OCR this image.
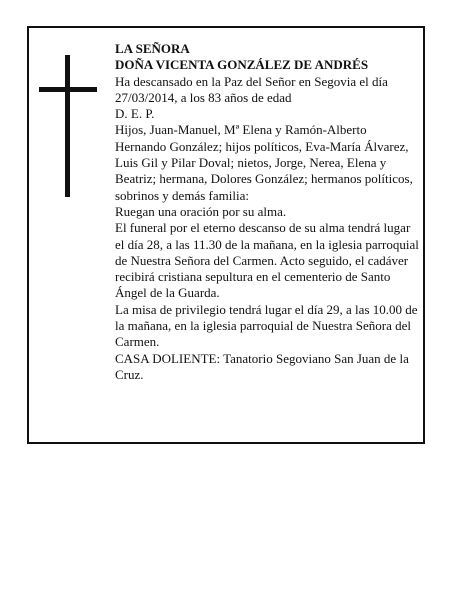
LA SEÑORA

DOÑA VICENTA GONZÁLEZ DE ANDRÉS

Ha descansado en la Paz del Señor en Segovia el día 27/03/2014, a los 83 años de edad

D. E. P.

Hijos, Juan-Manuel, Mª Elena y Ramón-Alberto Hernando González; hijos políticos, Eva-María Álvarez, Luis Gil y Pilar Doval; nietos, Jorge, Nerea, Elena y Beatriz; hermana, Dolores González; hermanos políticos, sobrinos y demás familia:

Ruegan una oración por su alma.

El funeral por el eterno descanso de su alma tendrá lugar el día 28, a las 11.30 de la mañana, en la iglesia parroquial de Nuestra Señora del Carmen. Acto seguido, el cadáver recibirá cristiana sepultura en el cementerio de Santo Ángel de la Guarda.

La misa de privilegio tendrá lugar el día 29, a las 10.00 de la mañana, en la iglesia parroquial de Nuestra Señora del Carmen.

CASA DOLIENTE: Tanatorio Segoviano San Juan de la Cruz.
